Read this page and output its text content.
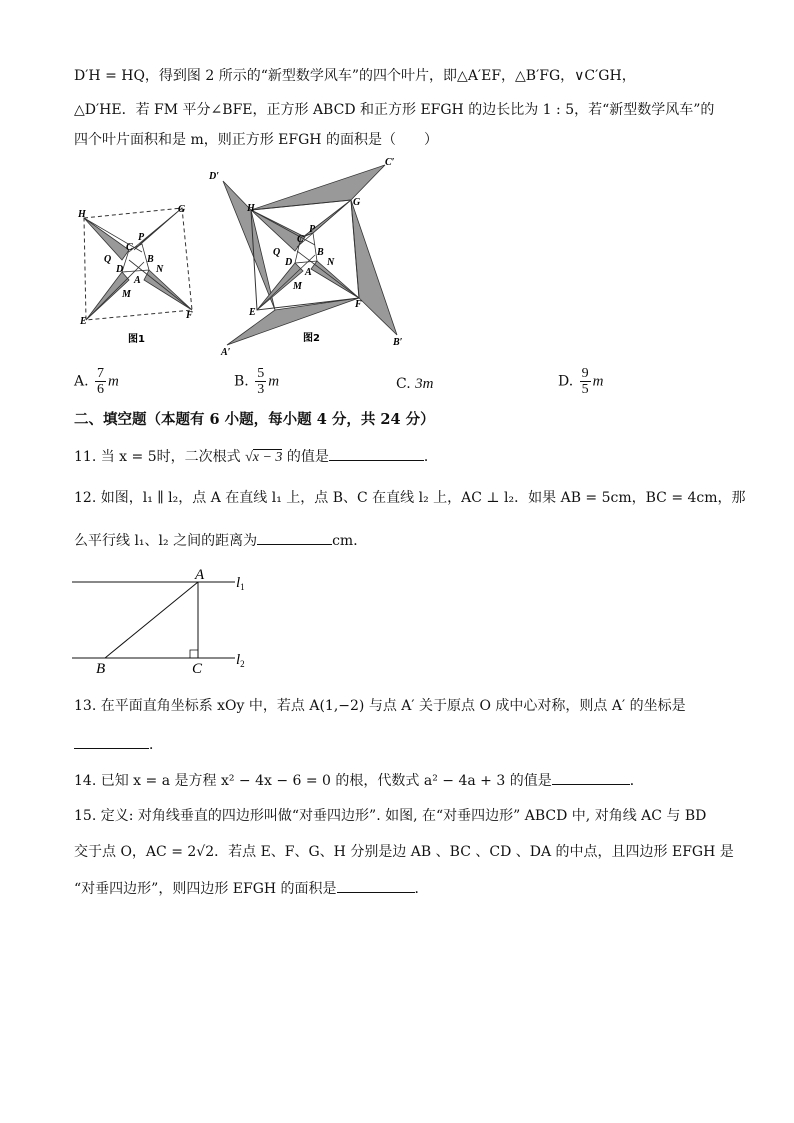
D′H = HQ，得到图 2 所示的“新型数学风车”的四个叶片，即△A′EF，△B′FG，∨C′GH，
△D′HE．若 FM 平分∠BFE，正方形 ABCD 和正方形 EFGH 的边长比为 1 : 5，若“新型数学风车”的
四个叶片面积和是 m，则正方形 EFGH 的面积是（　　）
H	G
P
C
Q
D
B
N
A
M
E
F
图1
C′
D′
H
G
P
C
Q
D
B
N
A
M
E
F
A′
B′
图2
A. $\frac{7}{6}$ m	B. $\frac{5}{3}$ m	C. 3m	D. $\frac{9}{5}$ m
二、填空题（本题有 6 小题，每小题 4 分，共 24 分）
11. 当 x = 5时，二次根式 √x − 3 的值是	．
12. 如图，l₁ ∥ l₂，点 A 在直线 l₁ 上，点 B、C 在直线 l₂ 上，AC ⊥ l₂．如果 AB = 5cm，BC = 4cm，那
么平行线 l₁、l₂ 之间的距离为	cm．
A
B	C
$l_1$
$l_2$
13. 在平面直角坐标系 xOy 中，若点 A(1,−2) 与点 A′ 关于原点 O 成中心对称，则点 A′ 的坐标是
．
14. 已知 x = a 是方程 x² − 4x − 6 = 0 的根，代数式 a² − 4a + 3 的值是	．
15. 定义: 对角线垂直的四边形叫做“对垂四边形”. 如图, 在“对垂四边形” ABCD 中, 对角线 AC 与 BD
交于点 O，AC = 2√2．若点 E、F、G、H 分别是边 AB 、BC 、CD 、DA 的中点，且四边形 EFGH 是
“对垂四边形”，则四边形 EFGH 的面积是	．
